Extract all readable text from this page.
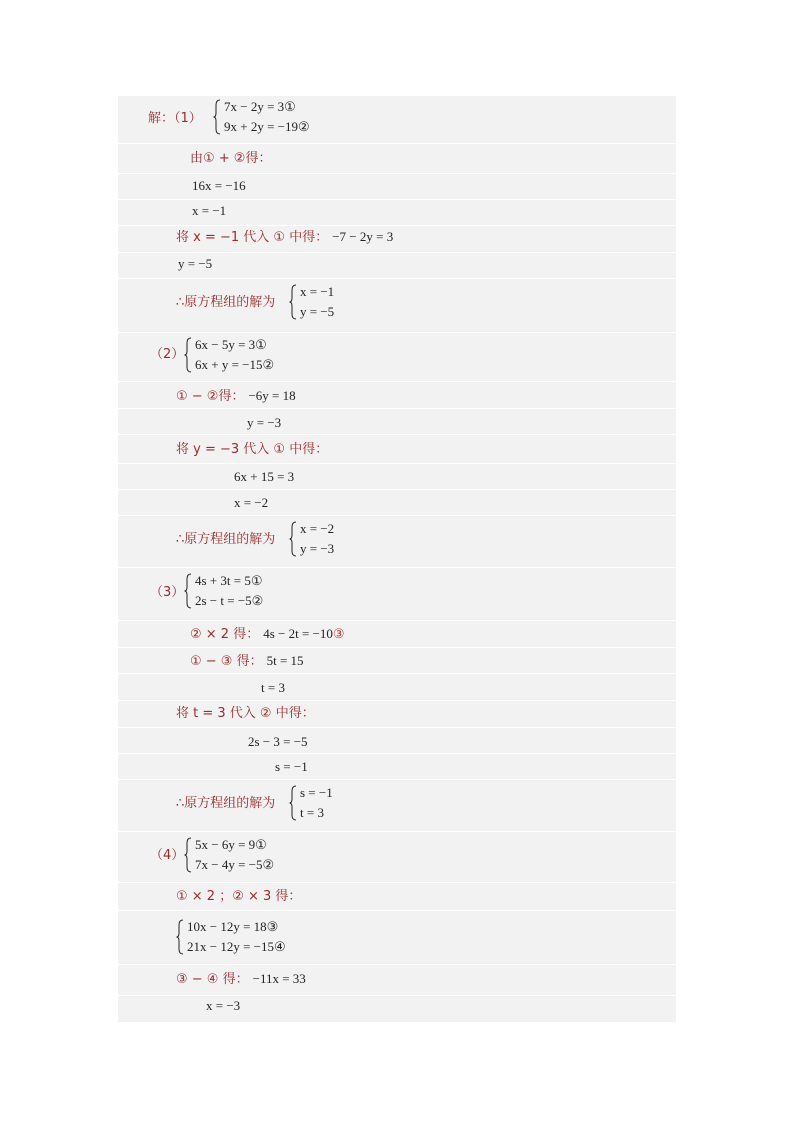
解：（1）
7x − 2y = 3①
9x + 2y = −19②
由① + ②得：
16x = −16
x = −1
将 x = −1 代入 ① 中得： −7 − 2y = 3
y = −5
∴原方程组的解为
x = −1
y = −5
（2）
6x − 5y = 3①
6x + y = −15②
① − ②得： −6y = 18
y = −3
将 y = −3 代入 ① 中得：
6x + 15 = 3
x = −2
∴原方程组的解为
x = −2
y = −3
（3）
4s + 3t = 5①
2s − t = −5②
② × 2 得： 4s − 2t = −10③
① − ③ 得： 5t = 15
t = 3
将 t = 3 代入 ② 中得：
2s − 3 = −5
s = −1
∴原方程组的解为
s = −1
t = 3
（4）
5x − 6y = 9①
7x − 4y = −5②
① × 2 ；② × 3 得：
10x − 12y = 18③
21x − 12y = −15④
③ − ④ 得： −11x = 33
x = −3
